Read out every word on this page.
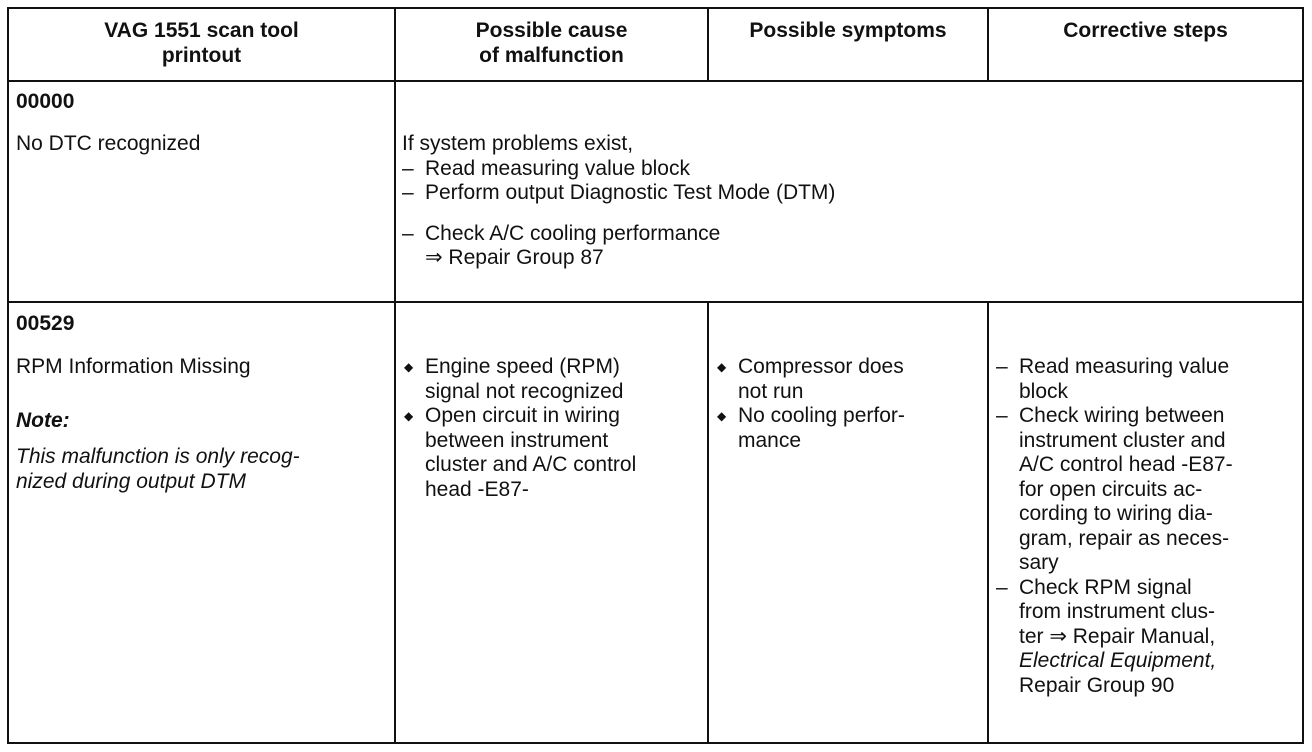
VAG 1551 scan tool
printout
Possible cause
of malfunction
Possible symptoms	Corrective steps
00000
No DTC recognized	If system problems exist,
– Read measuring value block
– Perform output Diagnostic Test Mode (DTM)
– Check A/C cooling performance
⇒ Repair Group 87
00529
RPM Information Missing
Note:
This malfunction is only recog-
nized during output DTM
◆ Engine speed (RPM)
signal not recognized
◆ Open circuit in wiring
between instrument
cluster and A/C control
head -E87-
◆ Compressor does
not run
◆ No cooling perfor-
mance
– Read measuring value
block
– Check wiring between
instrument cluster and
A/C control head -E87-
for open circuits ac-
cording to wiring dia-
gram, repair as neces-
sary
– Check RPM signal
from instrument clus-
ter ⇒ Repair Manual,
Electrical Equipment,
Repair Group 90
